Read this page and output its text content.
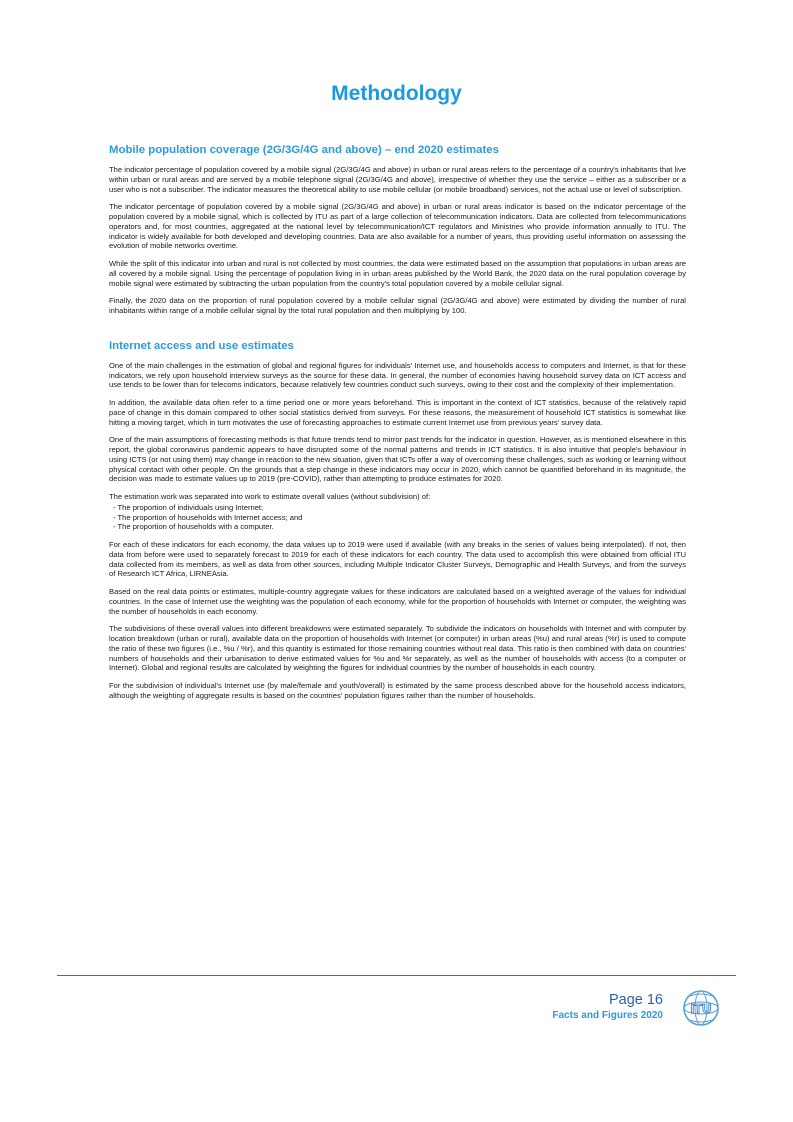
Methodology
Mobile population coverage (2G/3G/4G and above) – end 2020 estimates

The indicator percentage of population covered by a mobile signal (2G/3G/4G and above) in urban or rural areas refers to the percentage of a country's inhabitants that live within urban or rural areas and are served by a mobile telephone signal (2G/3G/4G and above), irrespective of whether they use the service – either as a subscriber or a user who is not a subscriber. The indicator measures the theoretical ability to use mobile cellular (or mobile broadband) services, not the actual use or level of subscription.

The indicator percentage of population covered by a mobile signal (2G/3G/4G and above) in urban or rural areas indicator is based on the indicator percentage of the population covered by a mobile signal, which is collected by ITU as part of a large collection of telecommunication indicators. Data are collected from telecommunications operators and, for most countries, aggregated at the national level by telecommunication/ICT regulators and Ministries who provide information annually to ITU. The indicator is widely available for both developed and developing countries. Data are also available for a number of years, thus providing useful information on assessing the evolution of mobile networks overtime.

While the split of this indicator into urban and rural is not collected by most countries, the data were estimated based on the assumption that populations in urban areas are all covered by a mobile signal. Using the percentage of population living in in urban areas published by the World Bank, the 2020 data on the rural population coverage by mobile signal were estimated by subtracting the urban population from the country's total population covered by a mobile cellular signal.

Finally, the 2020 data on the proportion of rural population covered by a mobile cellular signal (2G/3G/4G and above) were estimated by dividing the number of rural inhabitants within range of a mobile cellular signal by the total rural population and then multiplying by 100.

Internet access and use estimates

One of the main challenges in the estimation of global and regional figures for individuals' Internet use, and households access to computers and Internet, is that for these indicators, we rely upon household interview surveys as the source for these data. In general, the number of economies having household survey data on ICT access and use tends to be lower than for telecoms indicators, because relatively few countries conduct such surveys, owing to their cost and the complexity of their implementation.

In addition, the available data often refer to a time period one or more years beforehand. This is important in the context of ICT statistics, because of the relatively rapid pace of change in this domain compared to other social statistics derived from surveys. For these reasons, the measurement of household ICT statistics is somewhat like hitting a moving target, which in turn motivates the use of forecasting approaches to estimate current Internet use from previous years' survey data.

One of the main assumptions of forecasting methods is that future trends tend to mirror past trends for the indicator in question. However, as is mentioned elsewhere in this report, the global coronavirus pandemic appears to have disrupted some of the normal patterns and trends in ICT statistics. It is also intuitive that people's behaviour in using ICTS (or not using them) may change in reaction to the new situation, given that ICTs offer a way of overcoming these challenges, such as working or learning without physical contact with other people. On the grounds that a step change in these indicators may occur in 2020, which cannot be quantified beforehand in its magnitude, the decision was made to estimate values up to 2019 (pre-COVID), rather than attempting to produce estimates for 2020.

The estimation work was separated into work to estimate overall values (without subdivision) of:

- The proportion of individuals using Internet;
- The proportion of households with Internet access; and
- The proportion of households with a computer.

For each of these indicators for each economy, the data values up to 2019 were used if available (with any breaks in the series of values being interpolated). If not, then data from before were used to separately forecast to 2019 for each of these indicators for each country. The data used to accomplish this were obtained from official ITU data collected from its members, as well as data from other sources, including Multiple Indicator Cluster Surveys, Demographic and Health Surveys, and from the surveys of Research ICT Africa, LIRNEAsia.

Based on the real data points or estimates, multiple-country aggregate values for these indicators are calculated based on a weighted average of the values for individual countries. In the case of Internet use the weighting was the population of each economy, while for the proportion of households with Internet or computer, the weighting was the number of households in each economy.

The subdivisions of these overall values into different breakdowns were estimated separately. To subdivide the indicators on households with Internet and with computer by location breakdown (urban or rural), available data on the proportion of households with Internet (or computer) in urban areas (%u) and rural areas (%r) is used to compute the ratio of these two figures (i.e., %u / %r), and this quantity is estimated for those remaining countries without real data. This ratio is then combined with data on countries' numbers of households and their urbanisation to derive estimated values for %u and %r separately, as well as the number of households with access (to a computer or Internet). Global and regional results are calculated by weighting the figures for individual countries by the number of households in each country.

For the subdivision of individual's Internet use (by male/female and youth/overall) is estimated by the same process described above for the household access indicators, although the weighting of aggregate results is based on the countries' population figures rather than the number of households.

Page 16
Facts and Figures 2020 ITU
